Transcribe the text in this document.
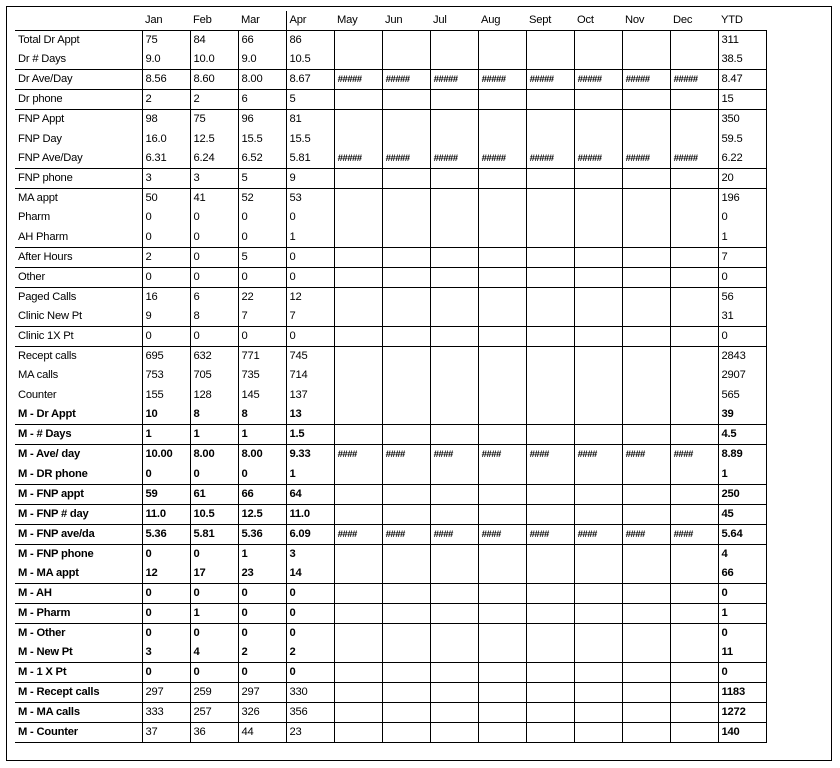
	Jan	Feb	Mar	Apr	May	Jun	Jul	Aug	Sept	Oct	Nov	Dec	YTD
Total Dr Appt	75	84	66	86									311
Dr # Days	9.0	10.0	9.0	10.5									38.5
Dr Ave/Day	8.56	8.60	8.00	8.67	#####	#####	#####	#####	#####	#####	#####	#####	8.47
Dr phone	2	2	6	5									15
FNP Appt	98	75	96	81									350
FNP Day	16.0	12.5	15.5	15.5									59.5
FNP Ave/Day	6.31	6.24	6.52	5.81	#####	#####	#####	#####	#####	#####	#####	#####	6.22
FNP phone	3	3	5	9									20
MA appt	50	41	52	53									196
Pharm	0	0	0	0									0
AH Pharm	0	0	0	1									1
After Hours	2	0	5	0									7
Other	0	0	0	0									0
Paged Calls	16	6	22	12									56
Clinic New Pt	9	8	7	7									31
Clinic 1X Pt	0	0	0	0									0
Recept calls	695	632	771	745									2843
MA calls	753	705	735	714									2907
Counter	155	128	145	137									565
M - Dr Appt	10	8	8	13									39
M - # Days	1	1	1	1.5									4.5
M - Ave/ day	10.00	8.00	8.00	9.33	####	####	####	####	####	####	####	####	8.89
M - DR phone	0	0	0	1									1
M - FNP appt	59	61	66	64									250
M - FNP # day	11.0	10.5	12.5	11.0									45
M - FNP ave/da	5.36	5.81	5.36	6.09	####	####	####	####	####	####	####	####	5.64
M - FNP phone	0	0	1	3									4
M - MA appt	12	17	23	14									66
M - AH	0	0	0	0									0
M - Pharm	0	1	0	0									1
M - Other	0	0	0	0									0
M - New Pt	3	4	2	2									11
M - 1 X Pt	0	0	0	0									0
M - Recept calls	297	259	297	330									1183
M - MA calls	333	257	326	356									1272
M - Counter	37	36	44	23									140
